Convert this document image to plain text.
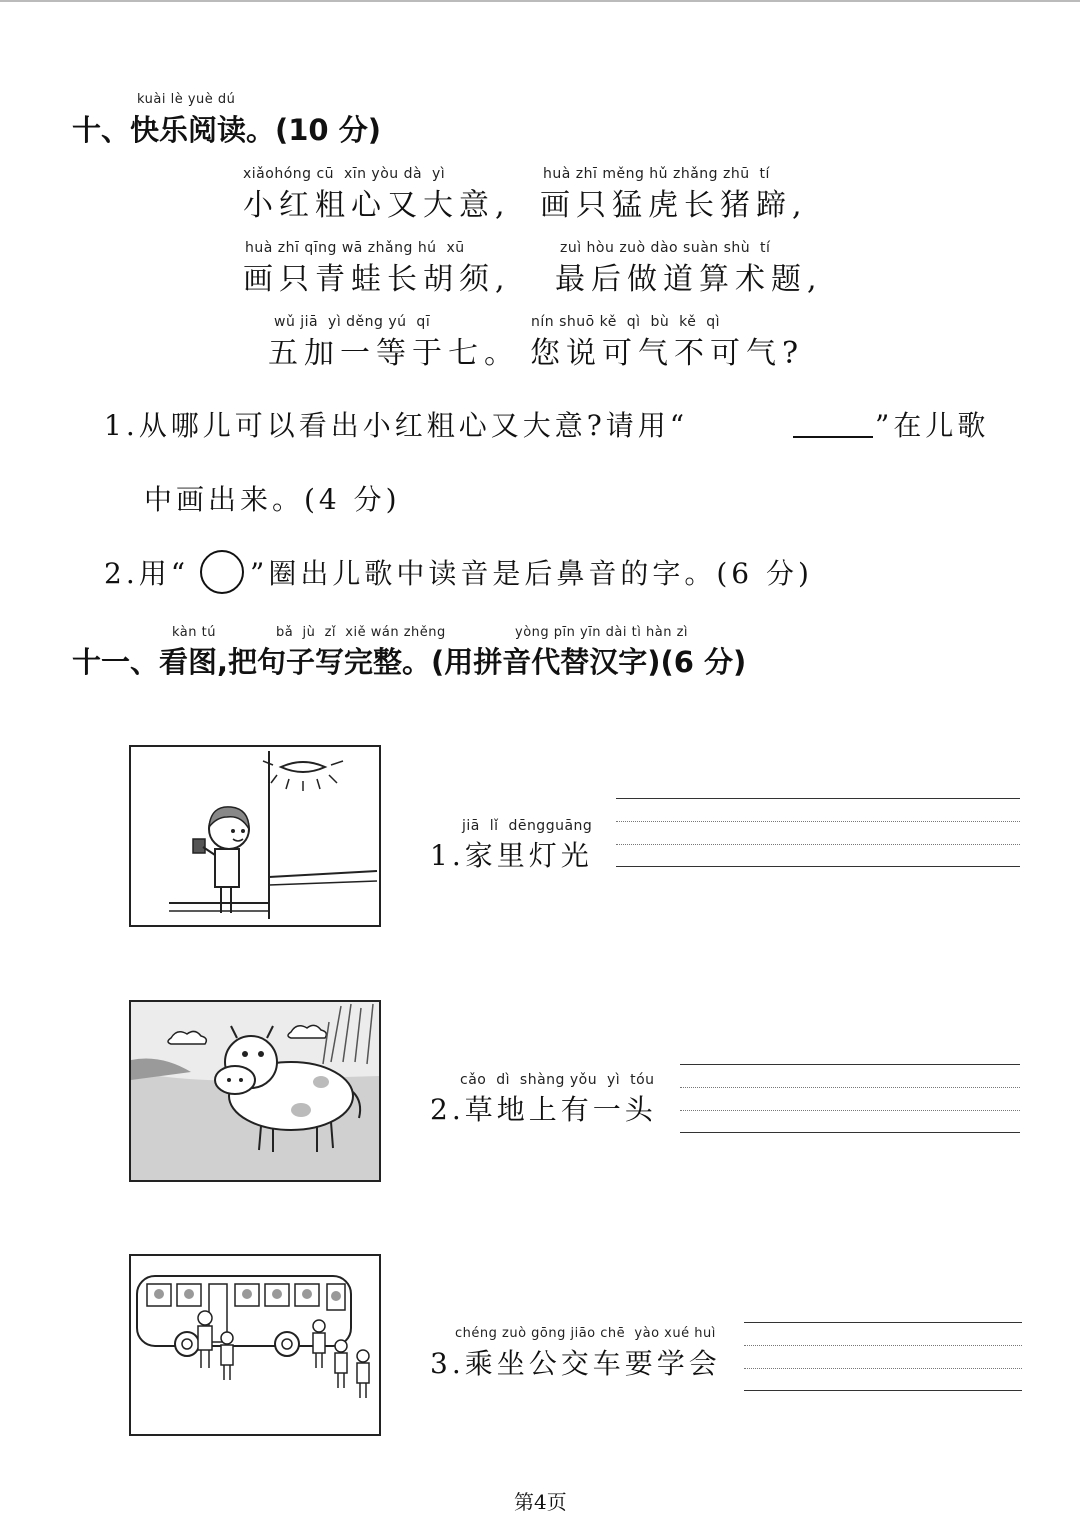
kuài lè yuè dú
十、快乐阅读。(10 分)
xiǎohóng cū  xīn yòu dà  yì
小红粗心又大意,
huà zhī měng hǔ zhǎng zhū  tí
画只猛虎长猪蹄,
huà zhī qīng wā zhǎng hú  xū
画只青蛙长胡须,
zuì hòu zuò dào suàn shù  tí
最后做道算术题,
wǔ jiā  yì děng yú  qī
五加一等于七。
nín shuō kě  qì  bù  kě  qì
您说可气不可气?
1.从哪儿可以看出小红粗心又大意?请用“	”在儿歌
中画出来。(4 分)
2.用“ ○ ”圈出儿歌中读音是后鼻音的字。(6 分)
kàn tú	bǎ  jù  zǐ  xiě wán zhěng	yòng pīn yīn dài tì hàn zì
十一、看图,把句子写完整。(用拼音代替汉字)(6 分)
jiā  lǐ  dēngguāng
1.家里灯光
cǎo  dì  shàng yǒu  yì  tóu
2.草地上有一头
chéng zuò gōng jiāo chē  yào xué huì
3.乘坐公交车要学会
第4页
